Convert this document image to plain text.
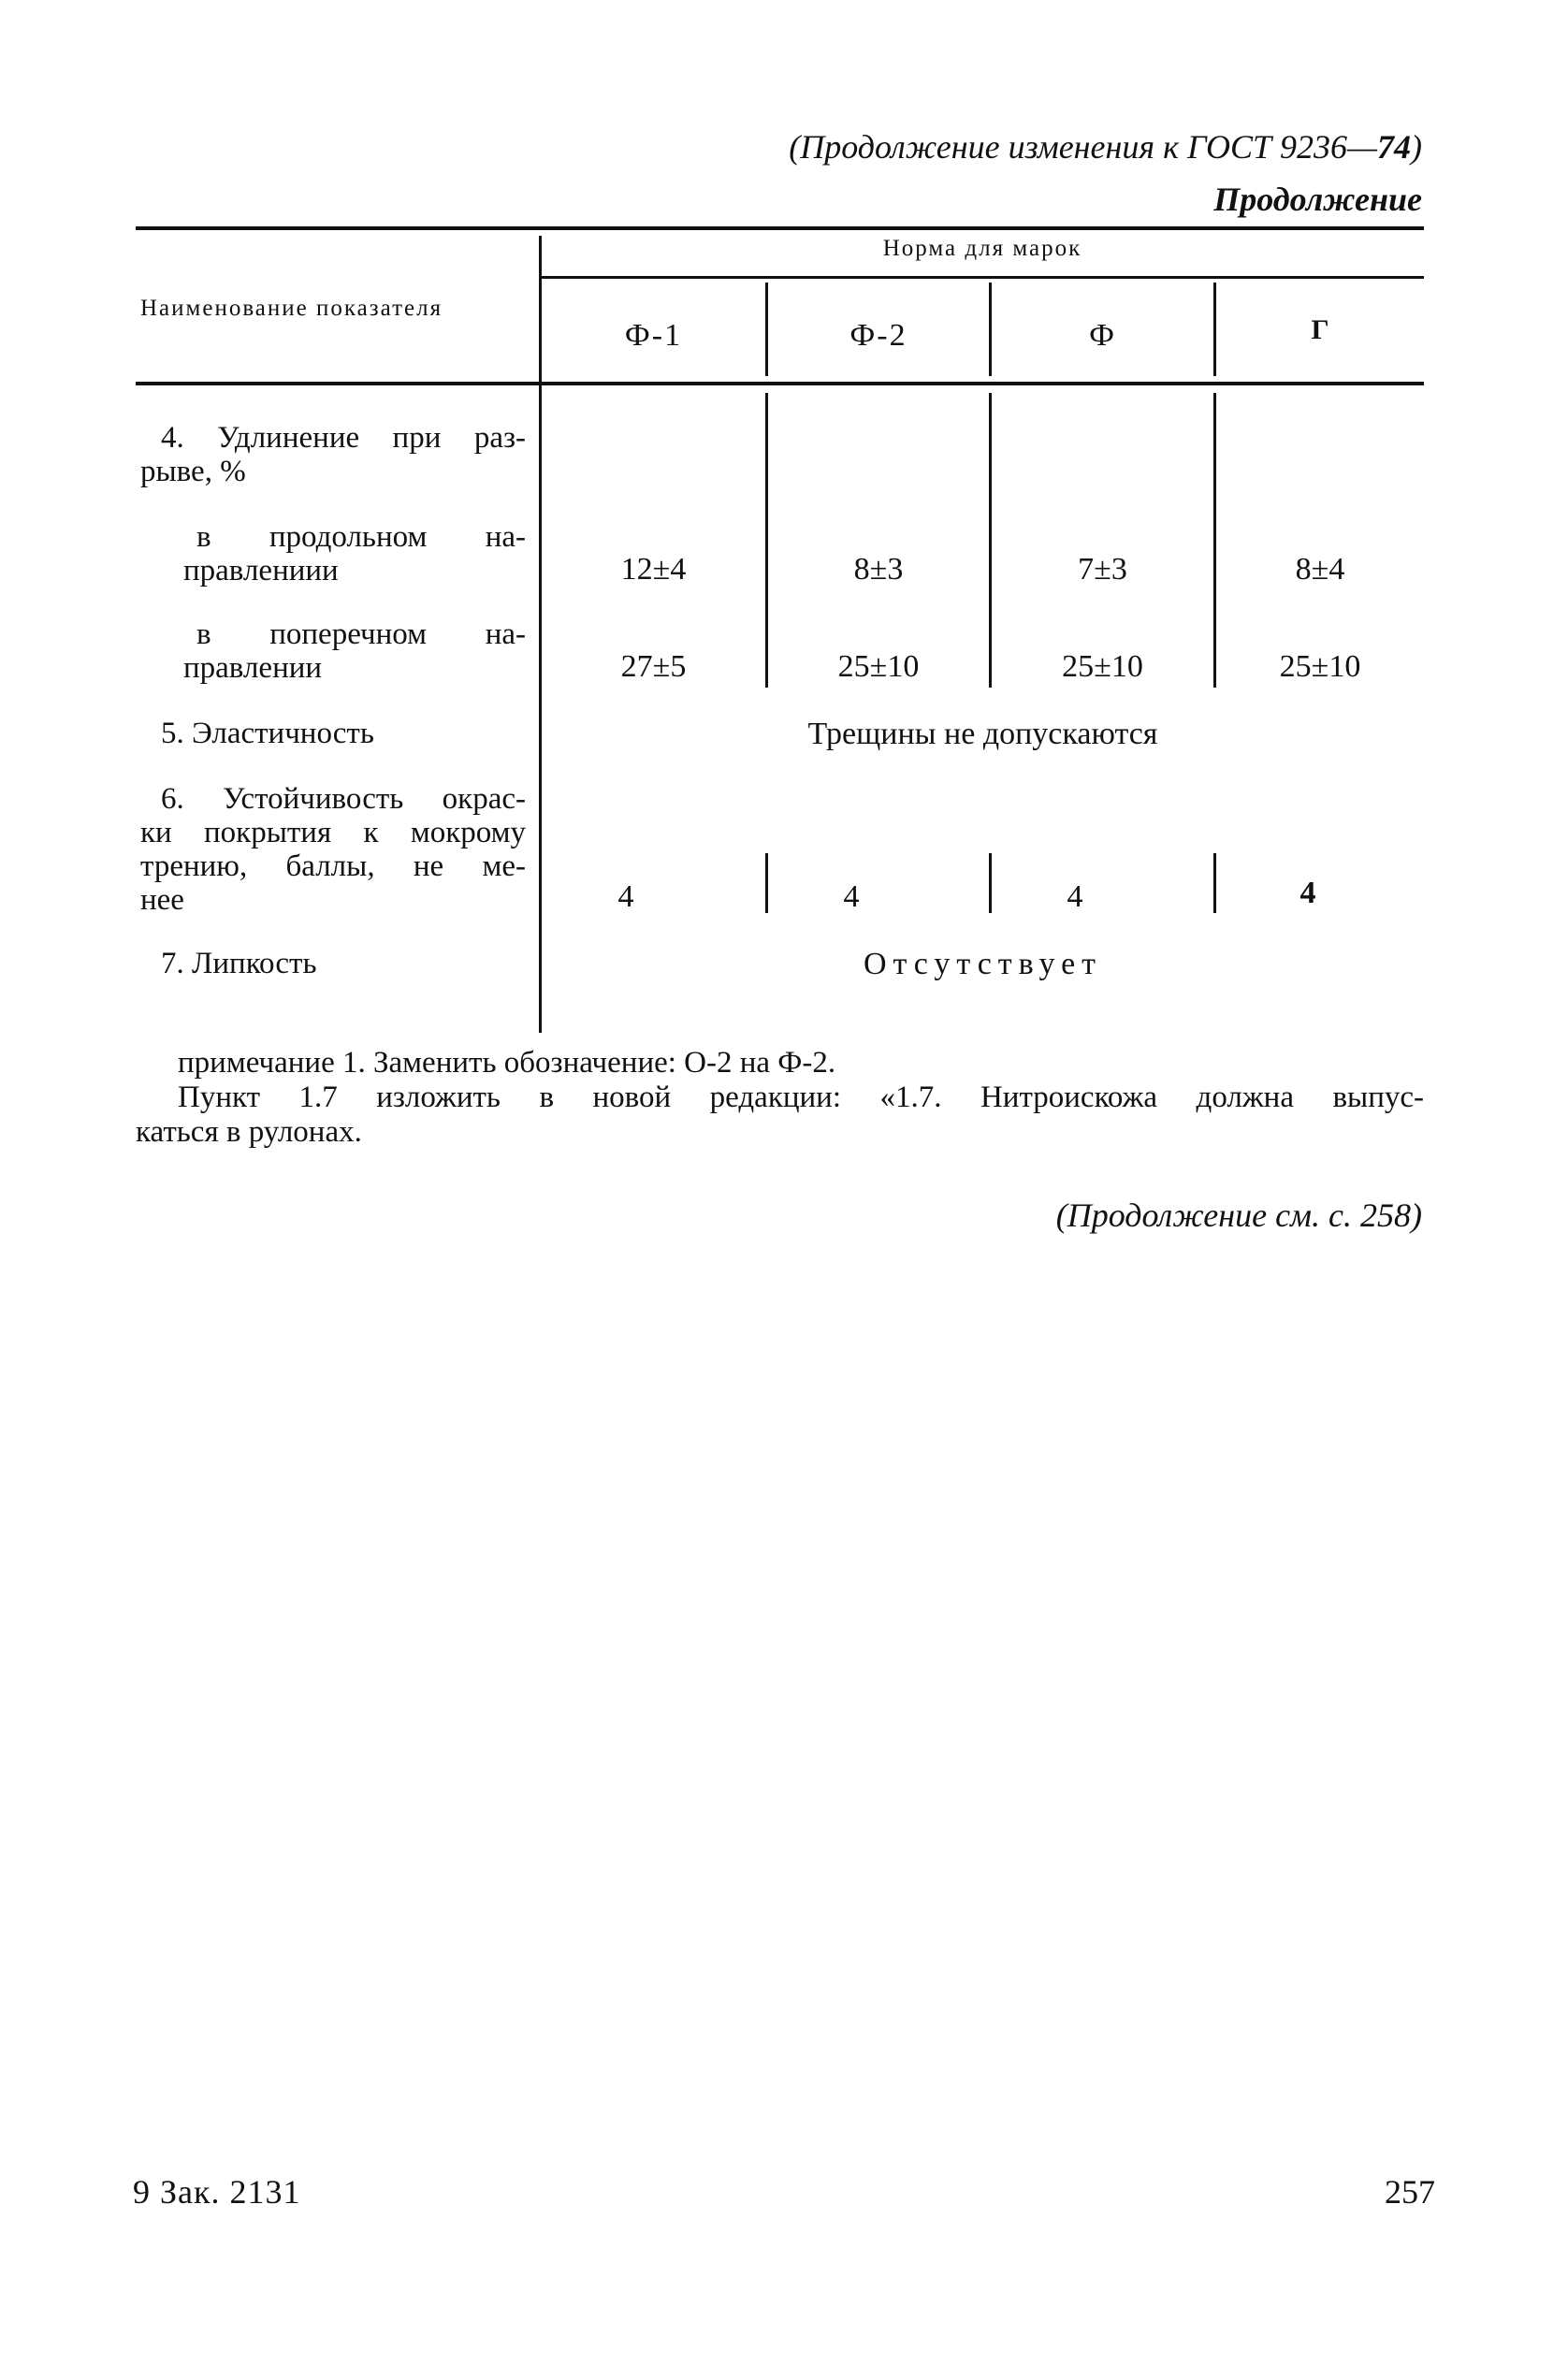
(Продолжение изменения к ГОСТ 9236—74)
Продолжение
Наименование показателя
Норма для марок
Ф-1	Ф-2	Ф	Г
4. Удлинение при раз-
рыве, %
в продольном на-
правлениии	12±4	8±3	7±3	8±4
в поперечном на-
правлении	27±5	25±10	25±10	25±10
5. Эластичность	Трещины не допускаются
6. Устойчивость окрас-
ки покрытия к мокрому
трению, баллы, не ме-
нее	4	4	4	4
7. Липкость	Отсутствует
примечание 1. Заменить обозначение: О-2 на Ф-2.
Пункт 1.7 изложить в новой редакции: «1.7. Нитроискожа должна выпус-
каться в рулонах.
(Продолжение см. с. 258)
9 Зак. 2131	257
